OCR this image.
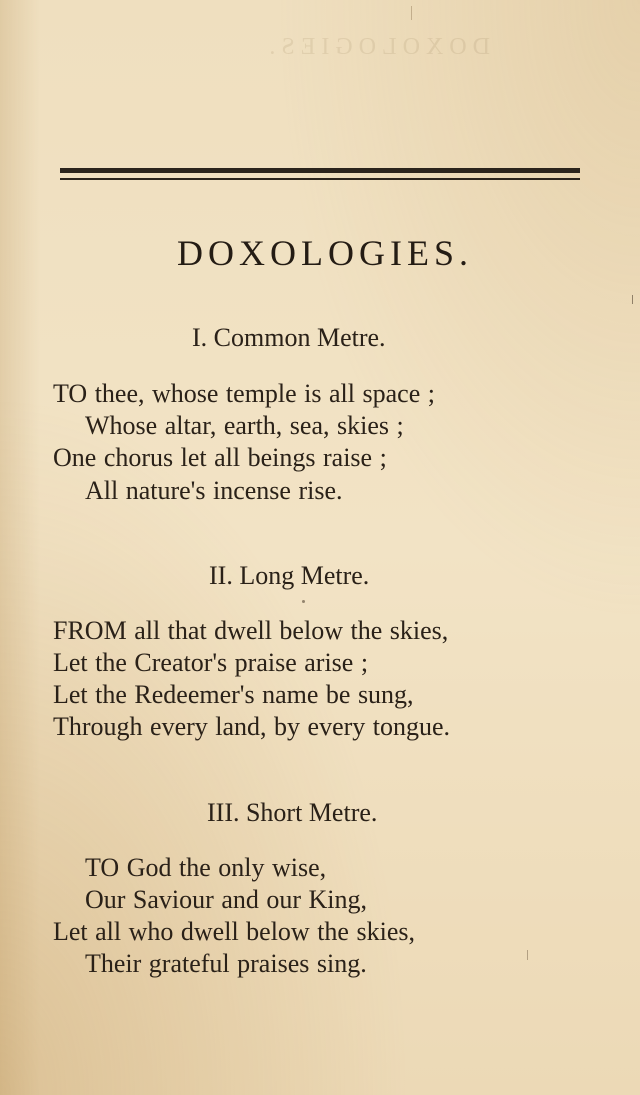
DOXOLOGIES.
DOXOLOGIES.
I. Common Metre.
TO thee, whose temple is all space ;
Whose altar, earth, sea, skies ;
One chorus let all beings raise ;
All nature's incense rise.
II. Long Metre.
FROM all that dwell below the skies,
Let the Creator's praise arise ;
Let the Redeemer's name be sung,
Through every land, by every tongue.
III. Short Metre.
TO God the only wise,
Our Saviour and our King,
Let all who dwell below the skies,
Their grateful praises sing.
